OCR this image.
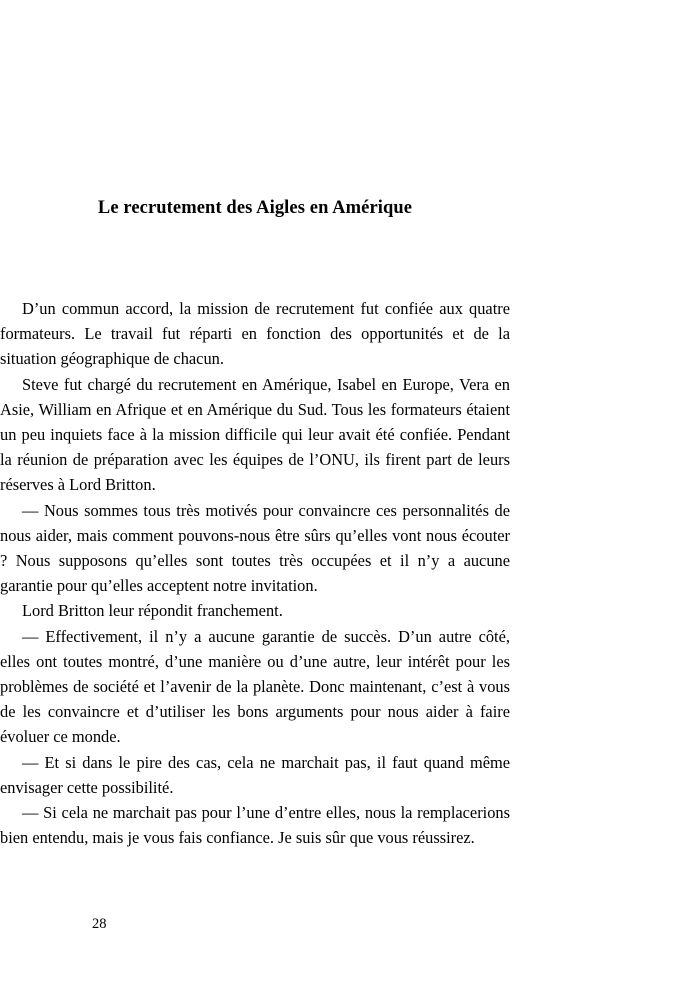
Le recrutement des Aigles en Amérique

D’un commun accord, la mission de recrutement fut confiée aux quatre formateurs. Le travail fut réparti en fonction des opportunités et de la situation géographique de chacun.

Steve fut chargé du recrutement en Amérique, Isabel en Europe, Vera en Asie, William en Afrique et en Amérique du Sud. Tous les formateurs étaient un peu inquiets face à la mission difficile qui leur avait été confiée. Pendant la réunion de préparation avec les équipes de l’ONU, ils firent part de leurs réserves à Lord Britton.

— Nous sommes tous très motivés pour convaincre ces personnalités de nous aider, mais comment pouvons-nous être sûrs qu’elles vont nous écouter ? Nous supposons qu’elles sont toutes très occupées et il n’y a aucune garantie pour qu’elles acceptent notre invitation.

Lord Britton leur répondit franchement.

— Effectivement, il n’y a aucune garantie de succès. D’un autre côté, elles ont toutes montré, d’une manière ou d’une autre, leur intérêt pour les problèmes de société et l’avenir de la planète. Donc maintenant, c’est à vous de les convaincre et d’utiliser les bons arguments pour nous aider à faire évoluer ce monde.

— Et si dans le pire des cas, cela ne marchait pas, il faut quand même envisager cette possibilité.

— Si cela ne marchait pas pour l’une d’entre elles, nous la remplacerions bien entendu, mais je vous fais confiance. Je suis sûr que vous réussirez.

28
